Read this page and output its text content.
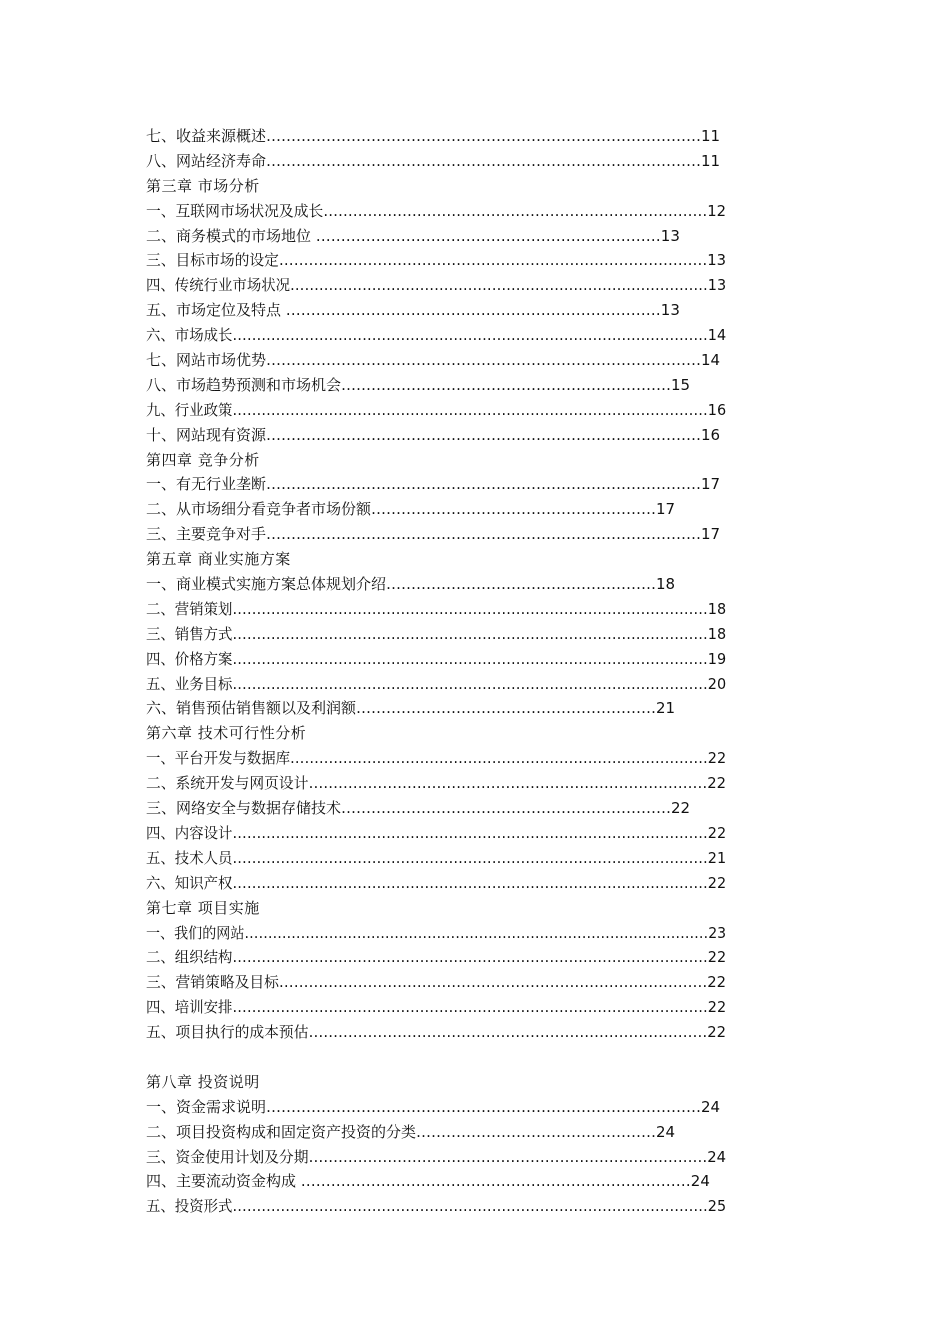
七、收益来源概述……………………………………………………………………………11
八、网站经济寿命……………………………………………………………………………11
第三章 市场分析
一、互联网市场状况及成长……………………………………………………………………12
二、商务模式的市场地位 ……………………………………………………………13
三、目标市场的设定……………………………………………………………………………13
四、传统行业市场状况……………………………………………………………………………13
五、市场定位及特点 …………………………………………………………………13
六、市场成长………………………………………………………………………………………14
七、网站市场优势……………………………………………………………………………14
八、市场趋势预测和市场机会…………………………………………………………15
九、行业政策………………………………………………………………………………………16
十、网站现有资源……………………………………………………………………………16
第四章 竞争分析
一、有无行业垄断……………………………………………………………………………17
二、从市场细分看竞争者市场份额…………………………………………………17
三、主要竞争对手……………………………………………………………………………17
第五章 商业实施方案
一、商业模式实施方案总体规划介绍………………………………………………18
二、营销策划………………………………………………………………………………………18
三、销售方式………………………………………………………………………………………18
四、价格方案………………………………………………………………………………………19
五、业务目标………………………………………………………………………………………20
六、销售预估销售额以及利润额……………………………………………………21
第六章 技术可行性分析
一、平台开发与数据库……………………………………………………………………………22
二、系统开发与网页设计………………………………………………………………………22
三、网络安全与数据存储技术…………………………………………………………22
四、内容设计………………………………………………………………………………………22
五、技术人员………………………………………………………………………………………21
六、知识产权………………………………………………………………………………………22
第七章 项目实施
一、我们的网站………………………………………………………………………………………23
二、组织结构………………………………………………………………………………………22
三、营销策略及目标……………………………………………………………………………22
四、培训安排………………………………………………………………………………………22
五、项目执行的成本预估………………………………………………………………………22
第八章 投资说明
一、资金需求说明……………………………………………………………………………24
二、项目投资构成和固定资产投资的分类…………………………………………24
三、资金使用计划及分期………………………………………………………………………24
四、主要流动资金构成 ……………………………………………………………………24
五、投资形式………………………………………………………………………………………25
